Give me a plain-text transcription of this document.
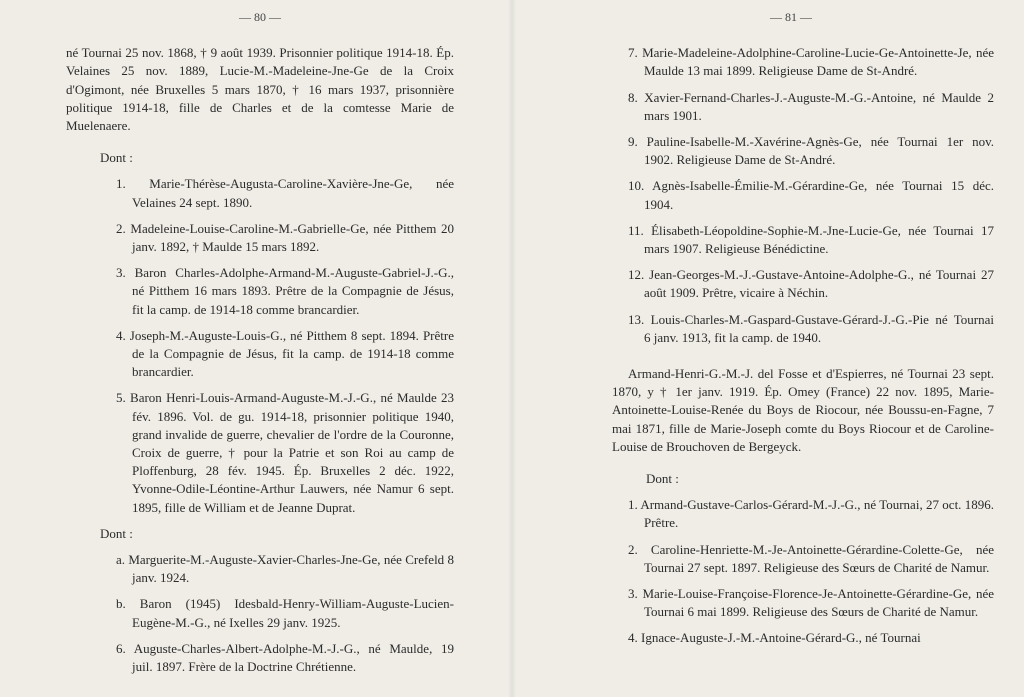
— 80 —

né Tournai 25 nov. 1868, † 9 août 1939. Prisonnier politique 1914-18. Ép. Velaines 25 nov. 1889, Lucie-M.-Madeleine-Jne-Ge de la Croix d'Ogimont, née Bruxelles 5 mars 1870, † 16 mars 1937, prisonnière politique 1914-18, fille de Charles et de la comtesse Marie de Muelenaere.

Dont :

1. Marie-Thérèse-Augusta-Caroline-Xavière-Jne-Ge, née Velaines 24 sept. 1890.

2. Madeleine-Louise-Caroline-M.-Gabrielle-Ge, née Pitthem 20 janv. 1892, † Maulde 15 mars 1892.

3. Baron Charles-Adolphe-Armand-M.-Auguste-Gabriel-J.-G., né Pitthem 16 mars 1893. Prêtre de la Compagnie de Jésus, fit la camp. de 1914-18 comme brancardier.

4. Joseph-M.-Auguste-Louis-G., né Pitthem 8 sept. 1894. Prêtre de la Compagnie de Jésus, fit la camp. de 1914-18 comme brancardier.

5. Baron Henri-Louis-Armand-Auguste-M.-J.-G., né Maulde 23 fév. 1896. Vol. de gu. 1914-18, prisonnier politique 1940, grand invalide de guerre, chevalier de l'ordre de la Couronne, Croix de guerre, † pour la Patrie et son Roi au camp de Ploffenburg, 28 fév. 1945. Ép. Bruxelles 2 déc. 1922, Yvonne-Odile-Léontine-Arthur Lauwers, née Namur 6 sept. 1895, fille de William et de Jeanne Duprat.

Dont :

a. Marguerite-M.-Auguste-Xavier-Charles-Jne-Ge, née Crefeld 8 janv. 1924.

b. Baron (1945) Idesbald-Henry-William-Auguste-Lucien-Eugène-M.-G., né Ixelles 29 janv. 1925.

6. Auguste-Charles-Albert-Adolphe-M.-J.-G., né Maulde, 19 juil. 1897. Frère de la Doctrine Chrétienne.

— 81 —

7. Marie-Madeleine-Adolphine-Caroline-Lucie-Ge-Antoinette-Je, née Maulde 13 mai 1899. Religieuse Dame de St-André.

8. Xavier-Fernand-Charles-J.-Auguste-M.-G.-Antoine, né Maulde 2 mars 1901.

9. Pauline-Isabelle-M.-Xavérine-Agnès-Ge, née Tournai 1er nov. 1902. Religieuse Dame de St-André.

10. Agnès-Isabelle-Émilie-M.-Gérardine-Ge, née Tournai 15 déc. 1904.

11. Élisabeth-Léopoldine-Sophie-M.-Jne-Lucie-Ge, née Tournai 17 mars 1907. Religieuse Bénédictine.

12. Jean-Georges-M.-J.-Gustave-Antoine-Adolphe-G., né Tournai 27 août 1909. Prêtre, vicaire à Néchin.

13. Louis-Charles-M.-Gaspard-Gustave-Gérard-J.-G.-Pie né Tournai 6 janv. 1913, fit la camp. de 1940.

Armand-Henri-G.-M.-J. del Fosse et d'Espierres, né Tournai 23 sept. 1870, y † 1er janv. 1919. Ép. Omey (France) 22 nov. 1895, Marie-Antoinette-Louise-Renée du Boys de Riocour, née Boussu-en-Fagne, 7 mai 1871, fille de Marie-Joseph comte du Boys Riocour et de Caroline-Louise de Brouchoven de Bergeyck.

Dont :

1. Armand-Gustave-Carlos-Gérard-M.-J.-G., né Tournai, 27 oct. 1896. Prêtre.

2. Caroline-Henriette-M.-Je-Antoinette-Gérardine-Colette-Ge, née Tournai 27 sept. 1897. Religieuse des Sœurs de Charité de Namur.

3. Marie-Louise-Françoise-Florence-Je-Antoinette-Gérardine-Ge, née Tournai 6 mai 1899. Religieuse des Sœurs de Charité de Namur.

4. Ignace-Auguste-J.-M.-Antoine-Gérard-G., né Tournai
